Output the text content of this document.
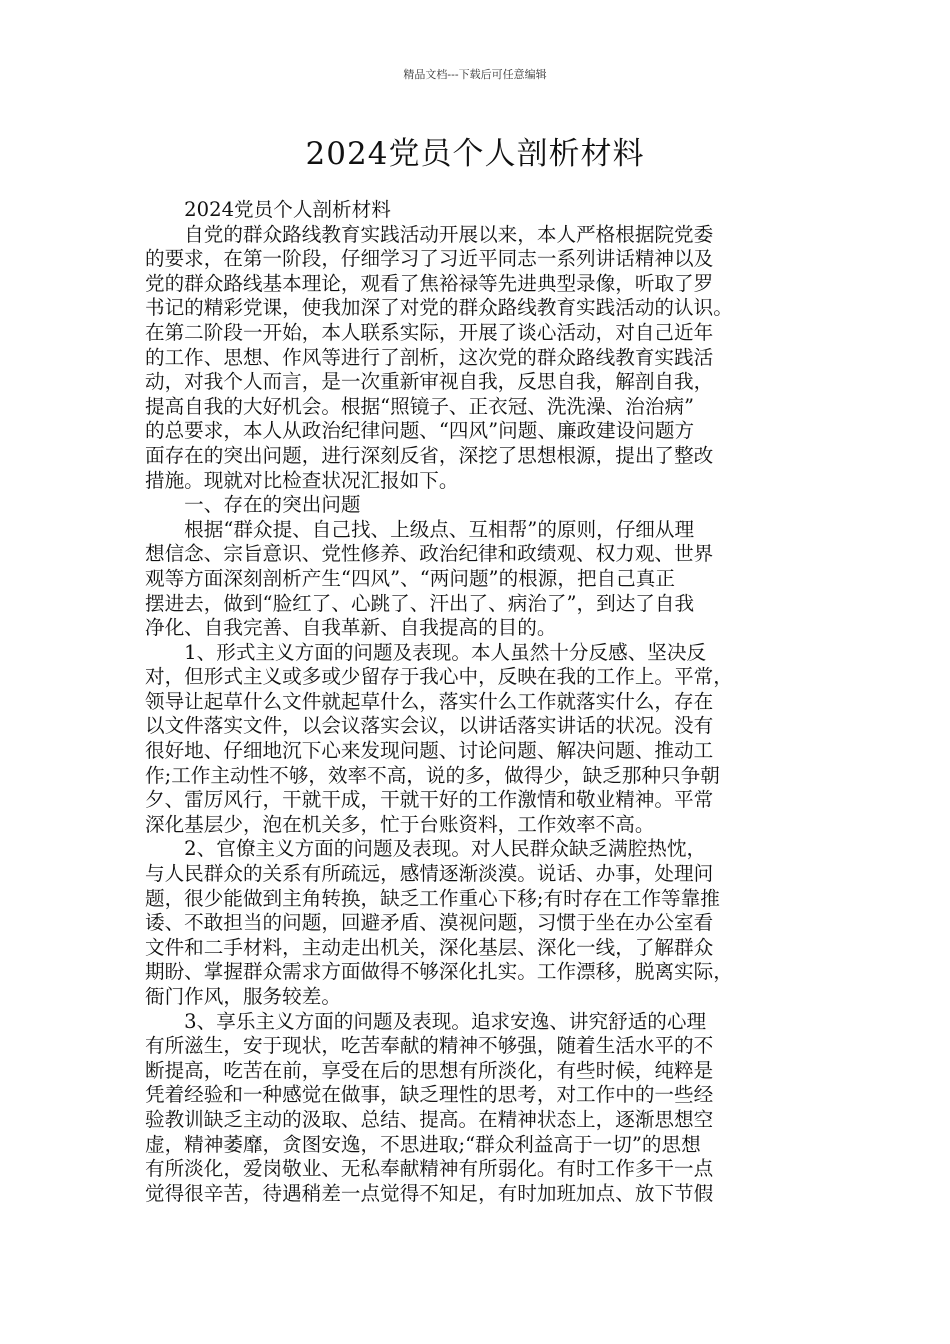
精品文档---下载后可任意编辑
2024党员个人剖析材料
　　2024党员个人剖析材料
　　自党的群众路线教育实践活动开展以来，本人严格根据院党委
的要求，在第一阶段，仔细学习了习近平同志一系列讲话精神以及
党的群众路线基本理论，观看了焦裕禄等先进典型录像，听取了罗
书记的精彩党课，使我加深了对党的群众路线教育实践活动的认识。
在第二阶段一开始，本人联系实际，开展了谈心活动，对自己近年
的工作、思想、作风等进行了剖析，这次党的群众路线教育实践活
动，对我个人而言，是一次重新审视自我，反思自我，解剖自我，
提高自我的大好机会。根据“照镜子、正衣冠、洗洗澡、治治病”
的总要求，本人从政治纪律问题、“四风”问题、廉政建设问题方
面存在的突出问题，进行深刻反省，深挖了思想根源，提出了整改
措施。现就对比检查状况汇报如下。
　　一、存在的突出问题
　　根据“群众提、自己找、上级点、互相帮”的原则，仔细从理
想信念、宗旨意识、党性修养、政治纪律和政绩观、权力观、世界
观等方面深刻剖析产生“四风”、“两问题”的根源，把自己真正
摆进去，做到“脸红了、心跳了、汗出了、病治了”，到达了自我
净化、自我完善、自我革新、自我提高的目的。
　　1、形式主义方面的问题及表现。本人虽然十分反感、坚决反
对，但形式主义或多或少留存于我心中，反映在我的工作上。平常，
领导让起草什么文件就起草什么，落实什么工作就落实什么，存在
以文件落实文件，以会议落实会议，以讲话落实讲话的状况。没有
很好地、仔细地沉下心来发现问题、讨论问题、解决问题、推动工
作;工作主动性不够，效率不高，说的多，做得少，缺乏那种只争朝
夕、雷厉风行，干就干成，干就干好的工作激情和敬业精神。平常
深化基层少，泡在机关多，忙于台账资料，工作效率不高。
　　2、官僚主义方面的问题及表现。对人民群众缺乏满腔热忱，
与人民群众的关系有所疏远，感情逐渐淡漠。说话、办事，处理问
题，很少能做到主角转换，缺乏工作重心下移;有时存在工作等靠推
诿、不敢担当的问题，回避矛盾、漠视问题，习惯于坐在办公室看
文件和二手材料，主动走出机关，深化基层、深化一线，了解群众
期盼、掌握群众需求方面做得不够深化扎实。工作漂移，脱离实际，
衙门作风，服务较差。
　　3、享乐主义方面的问题及表现。追求安逸、讲究舒适的心理
有所滋生，安于现状，吃苦奉献的精神不够强，随着生活水平的不
断提高，吃苦在前，享受在后的思想有所淡化，有些时候，纯粹是
凭着经验和一种感觉在做事，缺乏理性的思考，对工作中的一些经
验教训缺乏主动的汲取、总结、提高。在精神状态上，逐渐思想空
虚，精神萎靡，贪图安逸，不思进取;“群众利益高于一切”的思想
有所淡化，爱岗敬业、无私奉献精神有所弱化。有时工作多干一点
觉得很辛苦，待遇稍差一点觉得不知足，有时加班加点、放下节假
